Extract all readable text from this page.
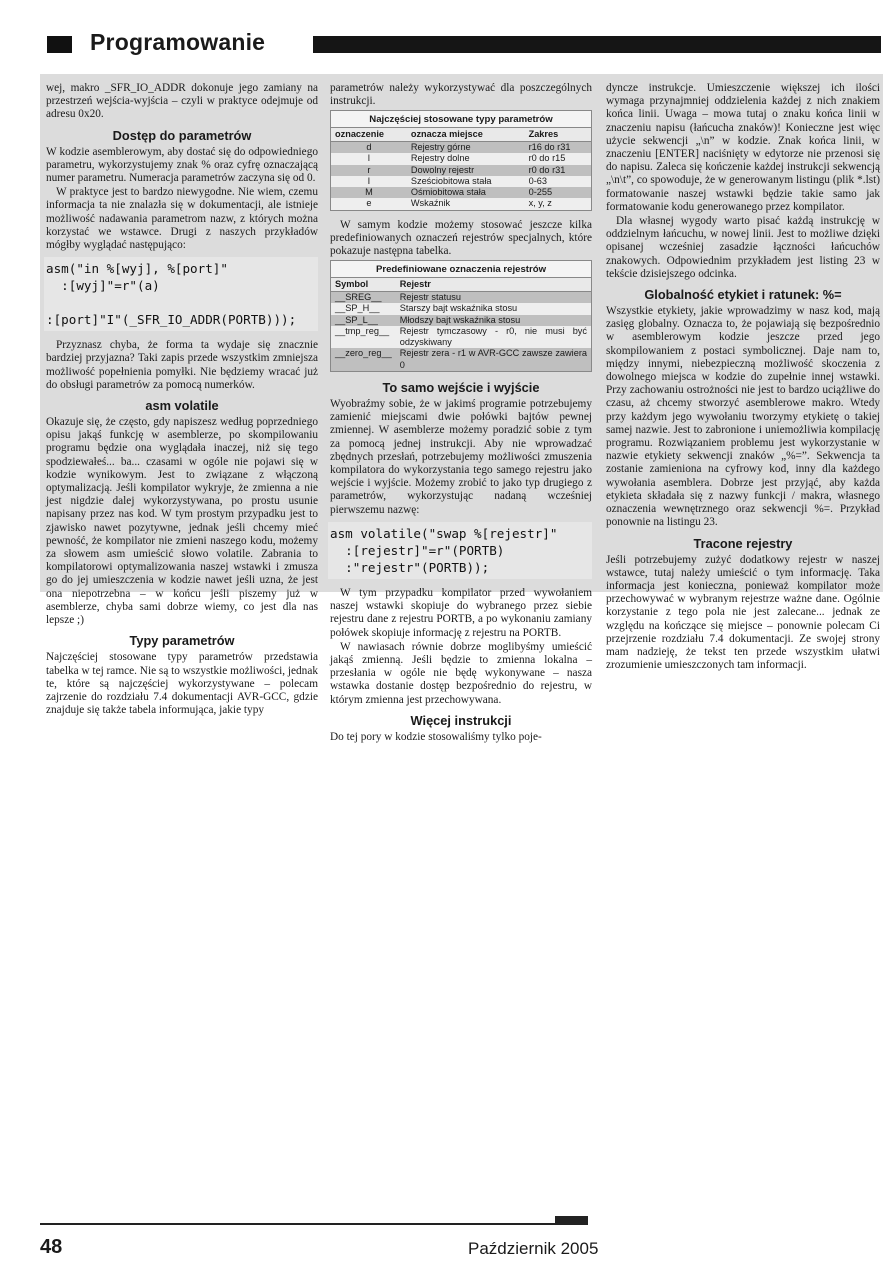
Programowanie

wej, makro _SFR_IO_ADDR dokonuje jego zamiany na przestrzeń wejścia-wyjścia – czyli w praktyce odejmuje od adresu 0x20.

Dostęp do parametrów

W kodzie asemblerowym, aby dostać się do odpowiedniego parametru, wykorzystujemy znak % oraz cyfrę oznaczającą numer parametru. Numeracja parametrów zaczyna się od 0.

W praktyce jest to bardzo niewygodne. Nie wiem, czemu informacja ta nie znalazła się w dokumentacji, ale istnieje możliwość nadawania parametrom nazw, z których można korzystać we wstawce. Drugi z naszych przykładów mógłby wyglądać następująco:

asm("in %[wyj], %[port]"
:[wyj]"=r"(a)

:[port]"I"(_SFR_IO_ADDR(PORTB)));

Przyznasz chyba, że forma ta wydaje się znacznie bardziej przyjazna? Taki zapis przede wszystkim zmniejsza możliwość popełnienia pomyłki. Nie będziemy wracać już do obsługi parametrów za pomocą numerków.

asm volatile

Okazuje się, że często, gdy napiszesz według poprzedniego opisu jakąś funkcję w asemblerze, po skompilowaniu programu będzie ona wyglądała inaczej, niż się tego spodziewałeś... ba... czasami w ogóle nie pojawi się w kodzie wynikowym. Jest to związane z włączoną optymalizacją. Jeśli kompilator wykryje, że zmienna a nie jest nigdzie dalej wykorzystywana, po prostu usunie napisany przez nas kod. W tym prostym przypadku jest to zjawisko nawet pozytywne, jednak jeśli chcemy mieć pewność, że kompilator nie zmieni naszego kodu, możemy za słowem asm umieścić słowo volatile. Zabrania to kompilatorowi optymalizowania naszej wstawki i zmusza go do jej umieszczenia w kodzie nawet jeśli uzna, że jest ona niepotrzebna – w końcu jeśli piszemy już w asemblerze, chyba sami dobrze wiemy, co jest dla nas lepsze ;)

Typy parametrów

Najczęściej stosowane typy parametrów przedstawia tabelka w tej ramce. Nie są to wszystkie możliwości, jednak te, które są najczęściej wykorzystywane – polecam zajrzenie do rozdziału 7.4 dokumentacji AVR-GCC, gdzie znajduje się także tabela informująca, jakie typy

parametrów należy wykorzystywać dla poszczególnych instrukcji.

Najczęściej stosowane typy parametrów
oznaczenie	oznacza miejsce	Zakres
d	Rejestry górne	r16 do r31
l	Rejestry dolne	r0 do r15
r	Dowolny rejestr	r0 do r31
I	Sześciobitowa stała	0-63
M	Ośmiobitowa stała	0-255
e	Wskaźnik	x, y, z

W samym kodzie możemy stosować jeszcze kilka predefiniowanych oznaczeń rejestrów specjalnych, które pokazuje następna tabelka.

Predefiniowane oznaczenia rejestrów
Symbol	Rejestr
__SREG__	Rejestr statusu
__SP_H__	Starszy bajt wskaźnika stosu
__SP_L__	Młodszy bajt wskaźnika stosu
__tmp_reg__	Rejestr tymczasowy - r0, nie musi być odzyskiwany
__zero_reg__	Rejestr zera - r1 w AVR-GCC zawsze zawiera 0
To samo wejście i wyjście

Wyobraźmy sobie, że w jakimś programie potrzebujemy zamienić miejscami dwie połówki bajtów pewnej zmiennej. W asemblerze możemy poradzić sobie z tym za pomocą jednej instrukcji. Aby nie wprowadzać zbędnych przesłań, potrzebujemy możliwości zmuszenia kompilatora do wykorzystania tego samego rejestru jako wejście i wyjście. Możemy zrobić to jako typ drugiego z parametrów, wykorzystując nadaną wcześniej pierwszemu nazwę:

asm volatile("swap %[rejestr]"
:[rejestr]"=r"(PORTB)
:"rejestr"(PORTB));

W tym przypadku kompilator przed wywołaniem naszej wstawki skopiuje do wybranego przez siebie rejestru dane z rejestru PORTB, a po wykonaniu zamiany połówek skopiuje informację z rejestru na PORTB.

W nawiasach równie dobrze moglibyśmy umieścić jakąś zmienną. Jeśli będzie to zmienna lokalna – przesłania w ogóle nie będę wykonywane – nasza wstawka dostanie dostęp bezpośrednio do rejestru, w którym zmienna jest przechowywana.

Więcej instrukcji

Do tej pory w kodzie stosowaliśmy tylko poje-

dyncze instrukcje. Umieszczenie większej ich ilości wymaga przynajmniej oddzielenia każdej z nich znakiem końca linii. Uwaga – mowa tutaj o znaku końca linii w znaczeniu napisu (łańcucha znaków)! Konieczne jest więc użycie sekwencji „\n” w kodzie. Znak końca linii, w znaczeniu [ENTER] naciśnięty w edytorze nie przenosi się do napisu. Zaleca się kończenie każdej instrukcji sekwencją „\n\t”, co spowoduje, że w generowanym listingu (plik *.lst) formatowanie naszej wstawki będzie takie samo jak formatowanie kodu generowanego przez kompilator.

Dla własnej wygody warto pisać każdą instrukcję w oddzielnym łańcuchu, w nowej linii. Jest to możliwe dzięki opisanej wcześniej zasadzie łączności łańcuchów znakowych. Odpowiednim przykładem jest listing 23 w tekście dzisiejszego odcinka.

Globalność etykiet i ratunek: %=

Wszystkie etykiety, jakie wprowadzimy w nasz kod, mają zasięg globalny. Oznacza to, że pojawiają się bezpośrednio w asemblerowym kodzie jeszcze przed jego skompilowaniem z postaci symbolicznej. Daje nam to, między innymi, niebezpieczną możliwość skoczenia z dowolnego miejsca w kodzie do zupełnie innej wstawki. Przy zachowaniu ostrożności nie jest to bardzo uciążliwe do czasu, aż chcemy stworzyć asemblerowe makro. Wtedy przy każdym jego wywołaniu tworzymy etykietę o takiej samej nazwie. Jest to zabronione i uniemożliwia kompilację programu. Rozwiązaniem problemu jest wykorzystanie w nazwie etykiety sekwencji znaków „%=”. Sekwencja ta zostanie zamieniona na cyfrowy kod, inny dla każdego wywołania asemblera. Dobrze jest przyjąć, aby każda etykieta składała się z nazwy funkcji / makra, własnego oznaczenia wewnętrznego oraz sekwencji %=. Przykład ponownie na listingu 23.

Tracone rejestry

Jeśli potrzebujemy zużyć dodatkowy rejestr w naszej wstawce, tutaj należy umieścić o tym informację. Taka informacja jest konieczna, ponieważ kompilator może przechowywać w wybranym rejestrze ważne dane. Ogólnie korzystanie z tego pola nie jest zalecane... jednak ze względu na kończące się miejsce – ponownie polecam Ci przejrzenie rozdziału 7.4 dokumentacji. Ze swojej strony mam nadzieję, że tekst ten przede wszystkim ułatwi zrozumienie umieszczonych tam informacji.

48	Październik 2005
